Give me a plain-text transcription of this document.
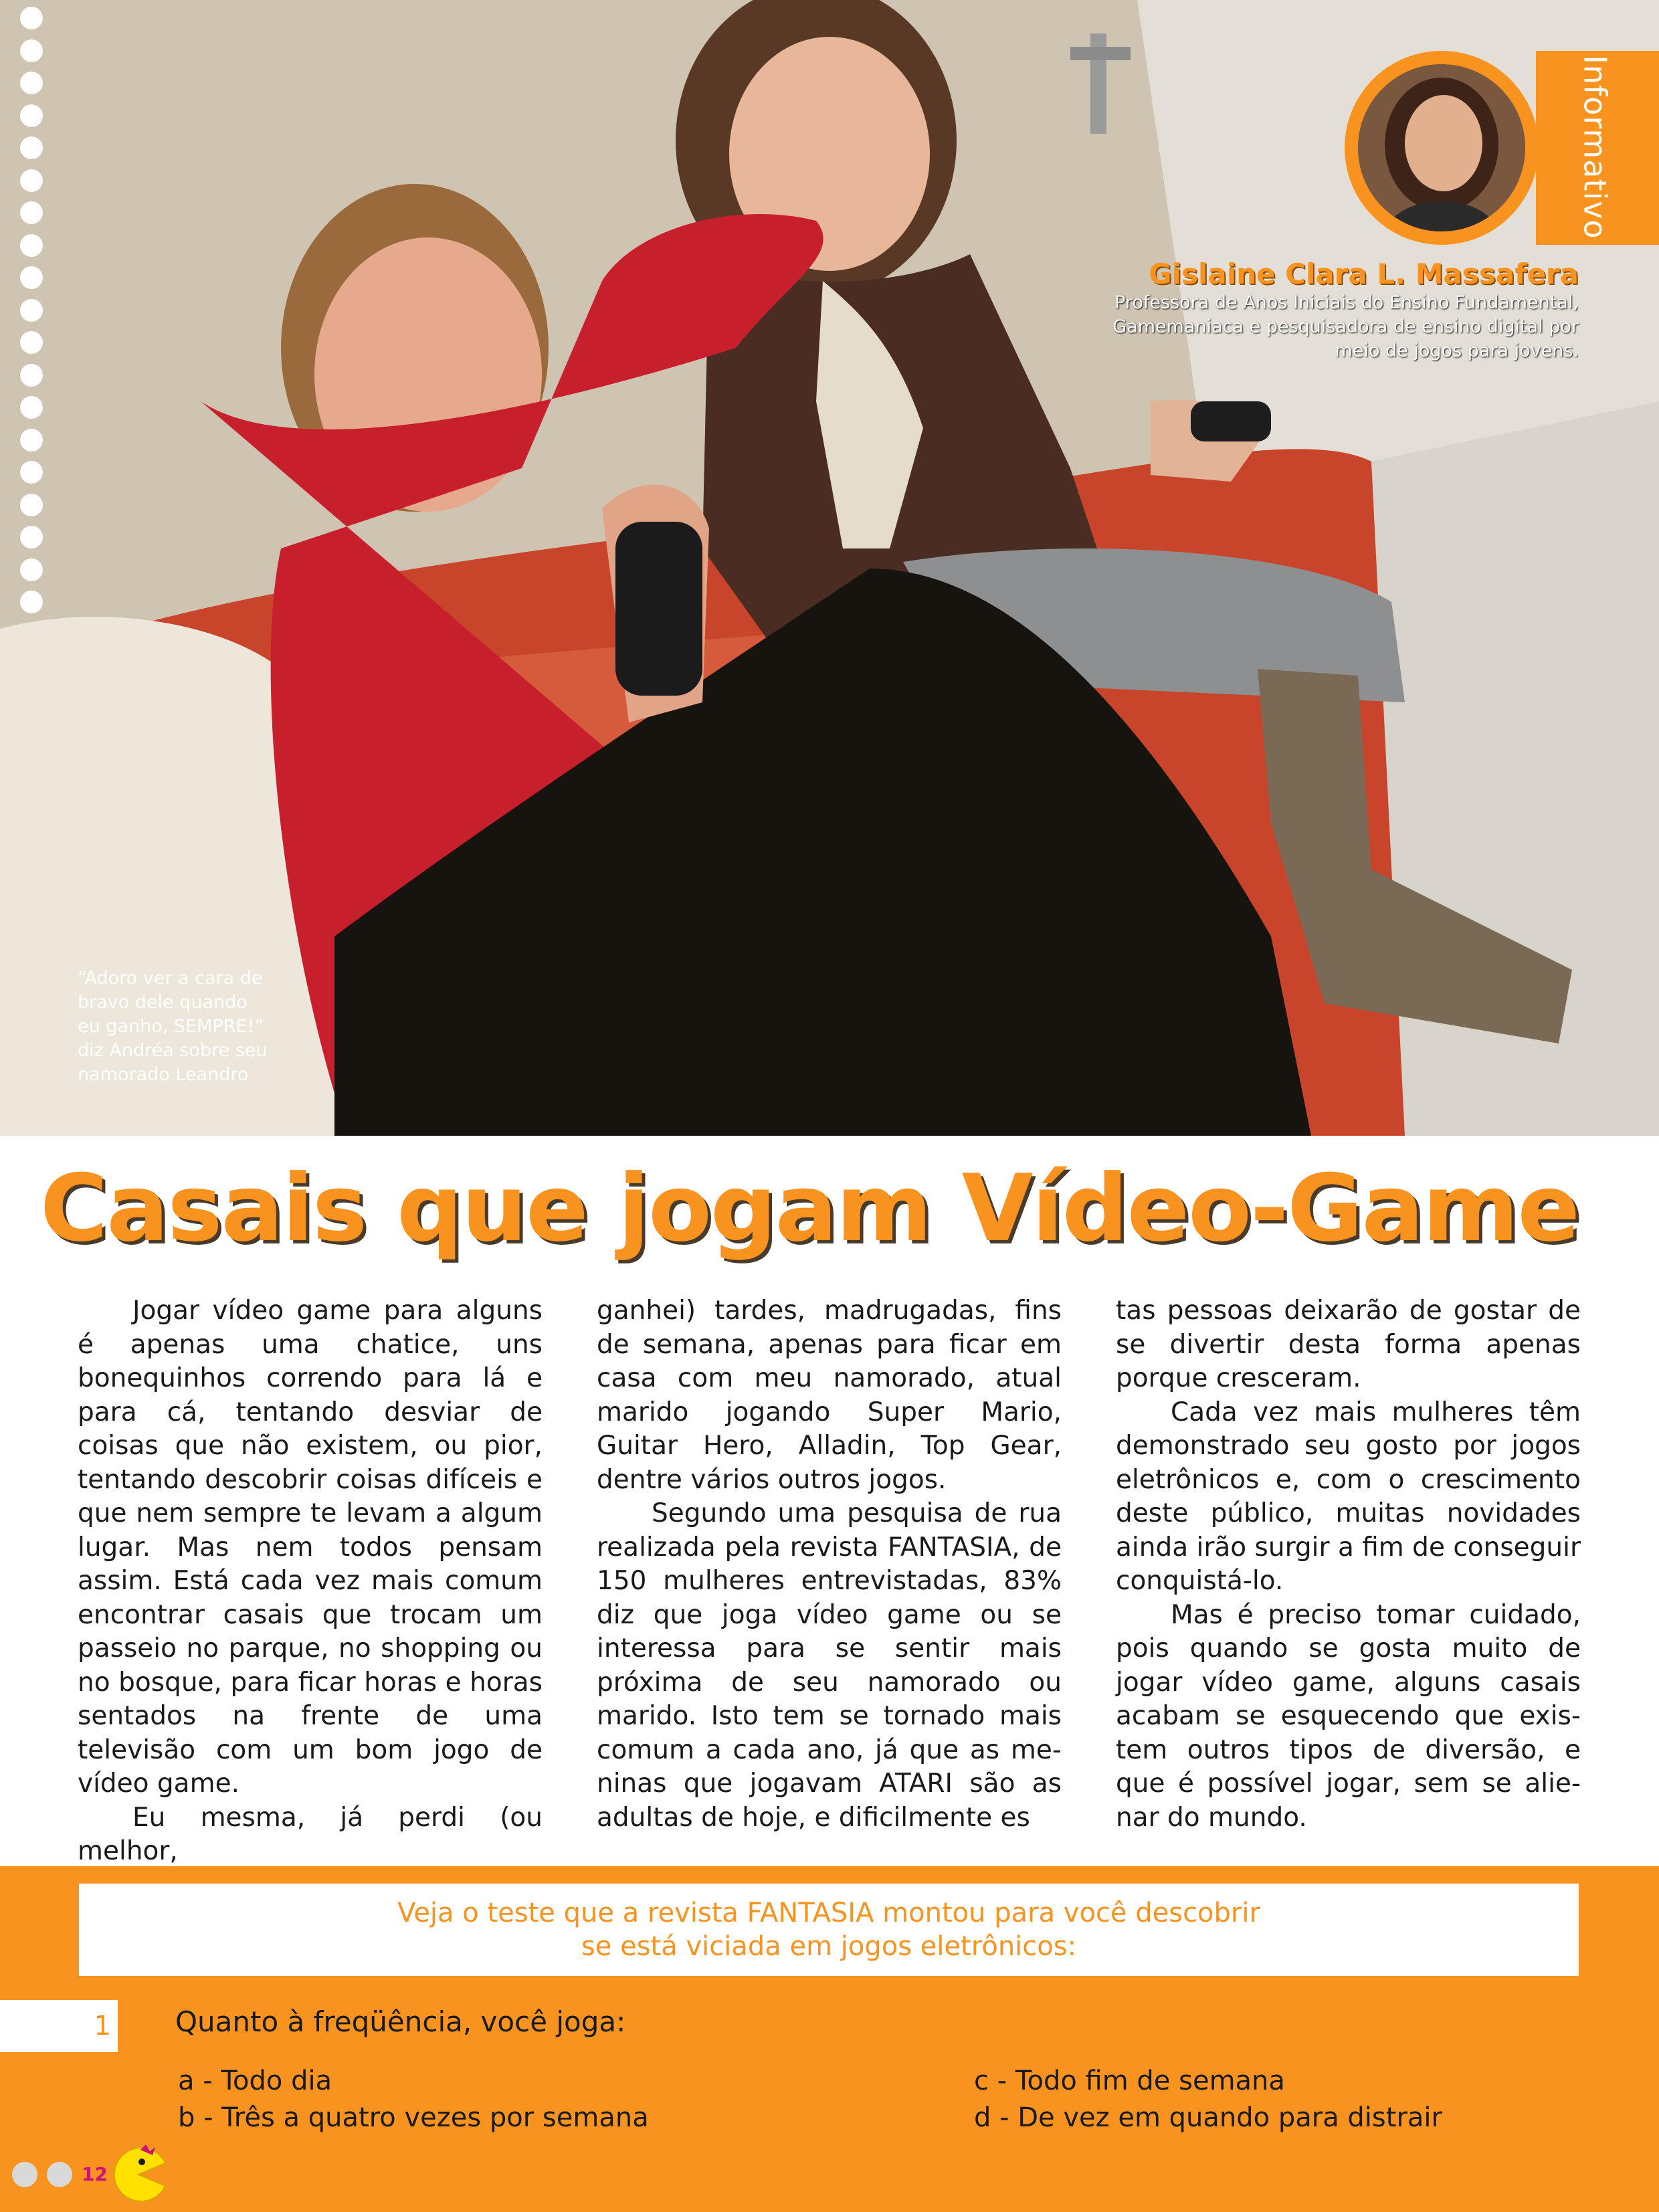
“Adoro ver a cara de
bravo dele quando
eu ganho, SEMPRE!”
diz Andréa sobre seu
namorado Leandro
Informativo
Gislaine Clara L. Massafera
Professora de Anos Iniciais do Ensino Fundamental,
Gamemaniaca e pesquisadora de ensino digital por
meio de jogos para jovens.
Casais que jogam Vídeo-Game

Jogar vídeo game para alguns é apenas uma chatice, uns bonequinhos correndo para lá e para cá, tentando desviar de coisas que não existem, ou pior, tentando descobrir coisas difíceis e que nem sempre te levam a algum lugar. Mas nem todos pensam assim. Está cada vez mais comum encontrar casais que trocam um passeio no parque, no shopping ou no bosque, para ficar horas e horas sentados na frente de uma televisão com um bom jogo de vídeo game.

Eu mesma, já perdi (ou melhor,

ganhei) tardes, madrugadas, fins de semana, apenas para ficar em casa com meu namorado, atual marido jogando Super Mario, Guitar Hero, Alladin, Top Gear, dentre vários outros jogos.

Segundo uma pesquisa de rua realizada pela revista FANTASIA, de 150 mulheres entrevistadas, 83% diz que joga vídeo game ou se interessa para se sentir mais próxima de seu namorado ou marido. Isto tem se tornado mais comum a cada ano, já que as meninas que jogavam ATARI são as adultas de hoje, e dificilmente es

tas pessoas deixarão de gostar de se divertir desta forma apenas porque cresceram.

Cada vez mais mulheres têm demonstrado seu gosto por jogos eletrônicos e, com o crescimento deste público, muitas novidades ainda irão surgir a fim de conseguir conquistá-lo.

Mas é preciso tomar cuidado, pois quando se gosta muito de jogar vídeo game, alguns casais acabam se esquecendo que existem outros tipos de diversão, e que é possível jogar, sem se alienar do mundo.

Veja o teste que a revista FANTASIA montou para você descobrir
se está viciada em jogos eletrônicos:
1 Quanto à freqüência, você joga:
a - Todo dia
b - Três a quatro vezes por semana
c - Todo fim de semana
d - De vez em quando para distrair
12
